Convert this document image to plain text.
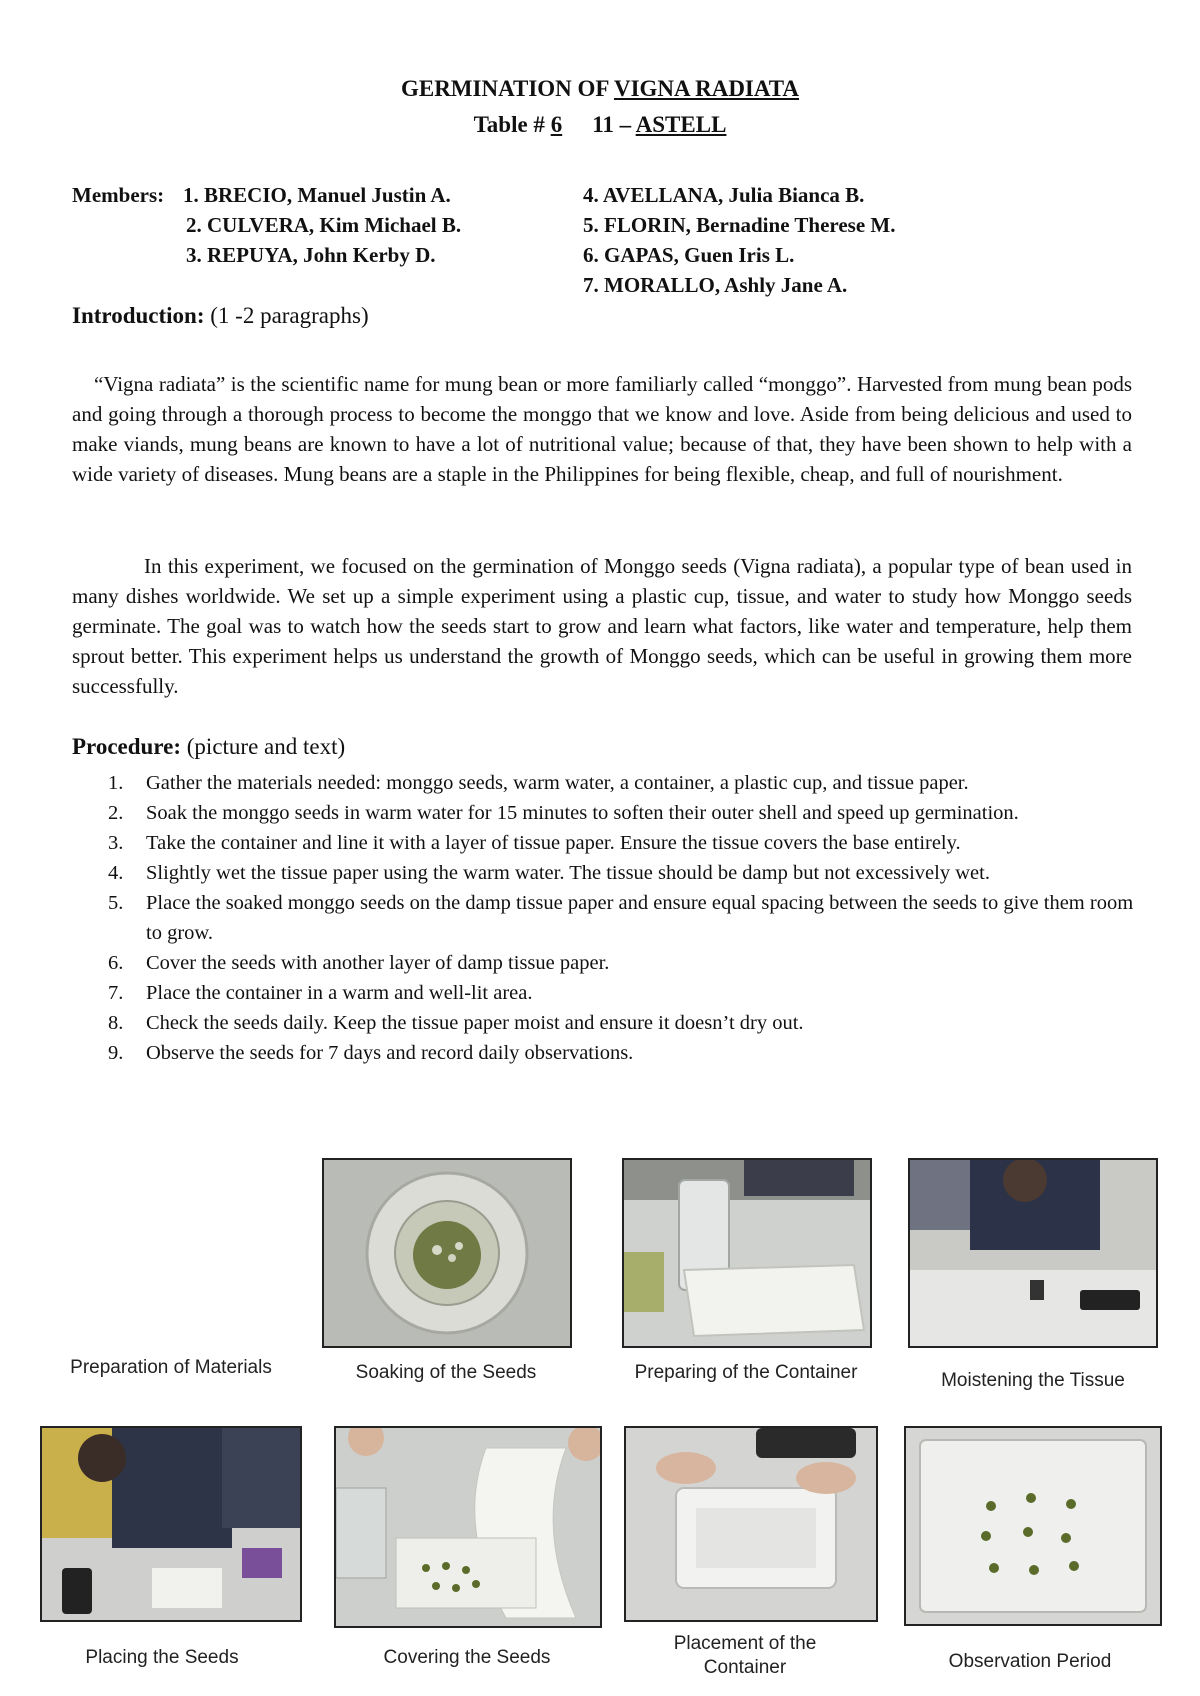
GERMINATION OF VIGNA RADIATA
Table # 6 11 – ASTELL
Members: 1. BRECIO, Manuel Justin A.
2. CULVERA, Kim Michael B.
3. REPUYA, John Kerby D.
4. AVELLANA, Julia Bianca B.
5. FLORIN, Bernadine Therese M.
6. GAPAS, Guen Iris L.
7. MORALLO, Ashly Jane A.
Introduction: (1 -2 paragraphs)

“Vigna radiata” is the scientific name for mung bean or more familiarly called “monggo”. Harvested from mung bean pods and going through a thorough process to become the monggo that we know and love. Aside from being delicious and used to make viands, mung beans are known to have a lot of nutritional value; because of that, they have been shown to help with a wide variety of diseases. Mung beans are a staple in the Philippines for being flexible, cheap, and full of nourishment.

In this experiment, we focused on the germination of Monggo seeds (Vigna radiata), a popular type of bean used in many dishes worldwide. We set up a simple experiment using a plastic cup, tissue, and water to study how Monggo seeds germinate. The goal was to watch how the seeds start to grow and learn what factors, like water and temperature, help them sprout better. This experiment helps us understand the growth of Monggo seeds, which can be useful in growing them more successfully.

Procedure: (picture and text)
1. Gather the materials needed: monggo seeds, warm water, a container, a plastic cup, and tissue paper.
2. Soak the monggo seeds in warm water for 15 minutes to soften their outer shell and speed up germination.
3. Take the container and line it with a layer of tissue paper. Ensure the tissue covers the base entirely.
4. Slightly wet the tissue paper using the warm water. The tissue should be damp but not excessively wet.
5. Place the soaked monggo seeds on the damp tissue paper and ensure equal spacing between the seeds to give them room to grow.
6. Cover the seeds with another layer of damp tissue paper.
7. Place the container in a warm and well-lit area.
8. Check the seeds daily. Keep the tissue paper moist and ensure it doesn’t dry out.
9. Observe the seeds for 7 days and record daily observations.
Preparation of Materials	Soaking of the Seeds	Preparing of the Container	Moistening the Tissue
Placing the Seeds	Covering the Seeds
Placement of the
Container	Observation Period
